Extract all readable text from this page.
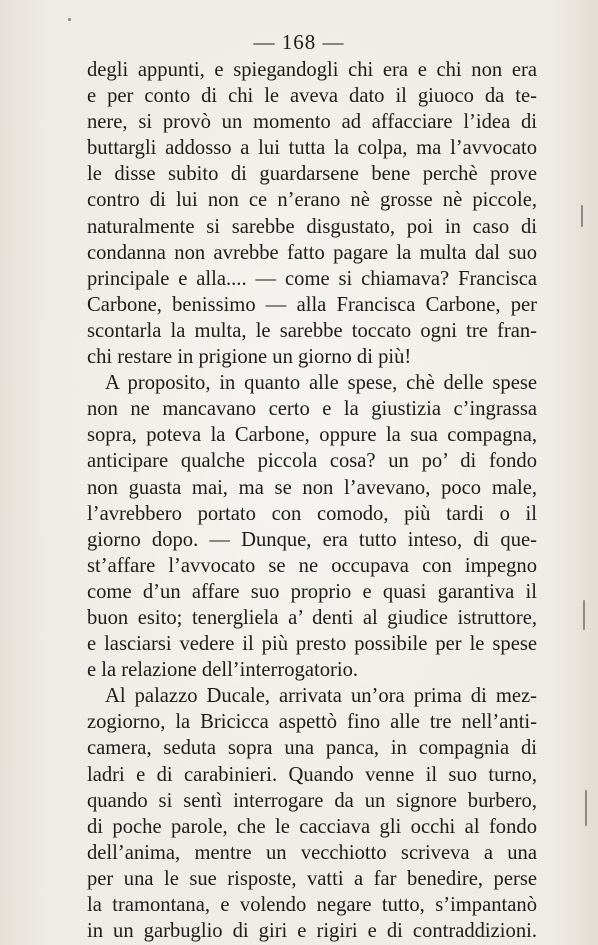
— 168 —
degli appunti, e spiegandogli chi era e chi non era
e per conto di chi le aveva dato il giuoco da te-
nere, si provò un momento ad affacciare l’idea di
buttargli addosso a lui tutta la colpa, ma l’avvocato
le disse subito di guardarsene bene perchè prove
contro di lui non ce n’erano nè grosse nè piccole,
naturalmente si sarebbe disgustato, poi in caso di
condanna non avrebbe fatto pagare la multa dal suo
principale e alla.... — come si chiamava? Francisca
Carbone, benissimo — alla Francisca Carbone, per
scontarla la multa, le sarebbe toccato ogni tre fran-
chi restare in prigione un giorno di più!
A proposito, in quanto alle spese, chè delle spese
non ne mancavano certo e la giustizia c’ingrassa
sopra, poteva la Carbone, oppure la sua compagna,
anticipare qualche piccola cosa? un po’ di fondo
non guasta mai, ma se non l’avevano, poco male,
l’avrebbero portato con comodo, più tardi o il
giorno dopo. — Dunque, era tutto inteso, di que-
st’affare l’avvocato se ne occupava con impegno
come d’un affare suo proprio e quasi garantiva il
buon esito; tenergliela a’ denti al giudice istruttore,
e lasciarsi vedere il più presto possibile per le spese
e la relazione dell’interrogatorio.
Al palazzo Ducale, arrivata un’ora prima di mez-
zogiorno, la Bricicca aspettò fino alle tre nell’anti-
camera, seduta sopra una panca, in compagnia di
ladri e di carabinieri. Quando venne il suo turno,
quando si sentì interrogare da un signore burbero,
di poche parole, che le cacciava gli occhi al fondo
dell’anima, mentre un vecchiotto scriveva a una
per una le sue risposte, vatti a far benedire, perse
la tramontana, e volendo negare tutto, s’impantanò
in un garbuglio di giri e rigiri e di contraddizioni.
